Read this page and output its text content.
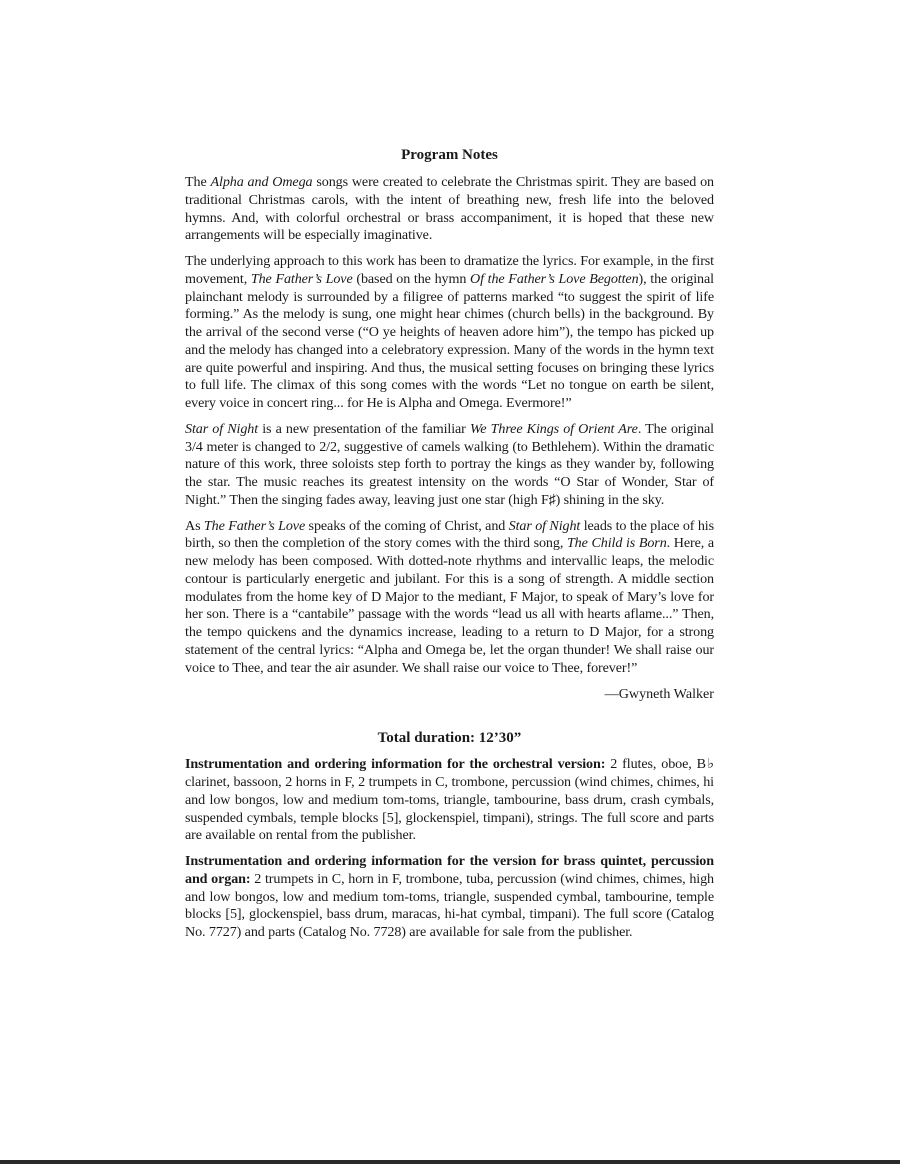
Program Notes

The Alpha and Omega songs were created to celebrate the Christmas spirit. They are based on traditional Christmas carols, with the intent of breathing new, fresh life into the beloved hymns. And, with colorful orchestral or brass accompaniment, it is hoped that these new arrangements will be especially imaginative.

The underlying approach to this work has been to dramatize the lyrics. For example, in the first movement, The Father’s Love (based on the hymn Of the Father’s Love Begotten), the original plainchant melody is surrounded by a filigree of patterns marked “to suggest the spirit of life forming.” As the melody is sung, one might hear chimes (church bells) in the background. By the arrival of the second verse (“O ye heights of heaven adore him”), the tempo has picked up and the melody has changed into a celebratory expression. Many of the words in the hymn text are quite powerful and inspiring. And thus, the musical setting focuses on bringing these lyrics to full life. The climax of this song comes with the words “Let no tongue on earth be silent, every voice in concert ring... for He is Alpha and Omega. Evermore!”

Star of Night is a new presentation of the familiar We Three Kings of Orient Are. The original 3/4 meter is changed to 2/2, suggestive of camels walking (to Bethlehem). Within the dramatic nature of this work, three soloists step forth to portray the kings as they wander by, following the star. The music reaches its greatest intensity on the words “O Star of Wonder, Star of Night.” Then the singing fades away, leaving just one star (high F♯) shining in the sky.

As The Father’s Love speaks of the coming of Christ, and Star of Night leads to the place of his birth, so then the completion of the story comes with the third song, The Child is Born. Here, a new melody has been composed. With dotted-note rhythms and intervallic leaps, the melodic contour is particularly energetic and jubilant. For this is a song of strength. A middle section modulates from the home key of D Major to the mediant, F Major, to speak of Mary’s love for her son. There is a “cantabile” passage with the words “lead us all with hearts aflame...” Then, the tempo quickens and the dynamics increase, leading to a return to D Major, for a strong statement of the central lyrics: “Alpha and Omega be, let the organ thunder! We shall raise our voice to Thee, and tear the air asunder. We shall raise our voice to Thee, forever!”

—Gwyneth Walker
Total duration: 12’30”

Instrumentation and ordering information for the orchestral version: 2 flutes, oboe, B♭ clarinet, bassoon, 2 horns in F, 2 trumpets in C, trombone, percussion (wind chimes, chimes, hi and low bongos, low and medium tom-toms, triangle, tambourine, bass drum, crash cymbals, suspended cymbals, temple blocks [5], glockenspiel, timpani), strings. The full score and parts are available on rental from the publisher.

Instrumentation and ordering information for the version for brass quintet, percussion and organ: 2 trumpets in C, horn in F, trombone, tuba, percussion (wind chimes, chimes, high and low bongos, low and medium tom-toms, triangle, suspended cymbal, tambourine, temple blocks [5], glockenspiel, bass drum, maracas, hi-hat cymbal, timpani). The full score (Catalog No. 7727) and parts (Catalog No. 7728) are available for sale from the publisher.
